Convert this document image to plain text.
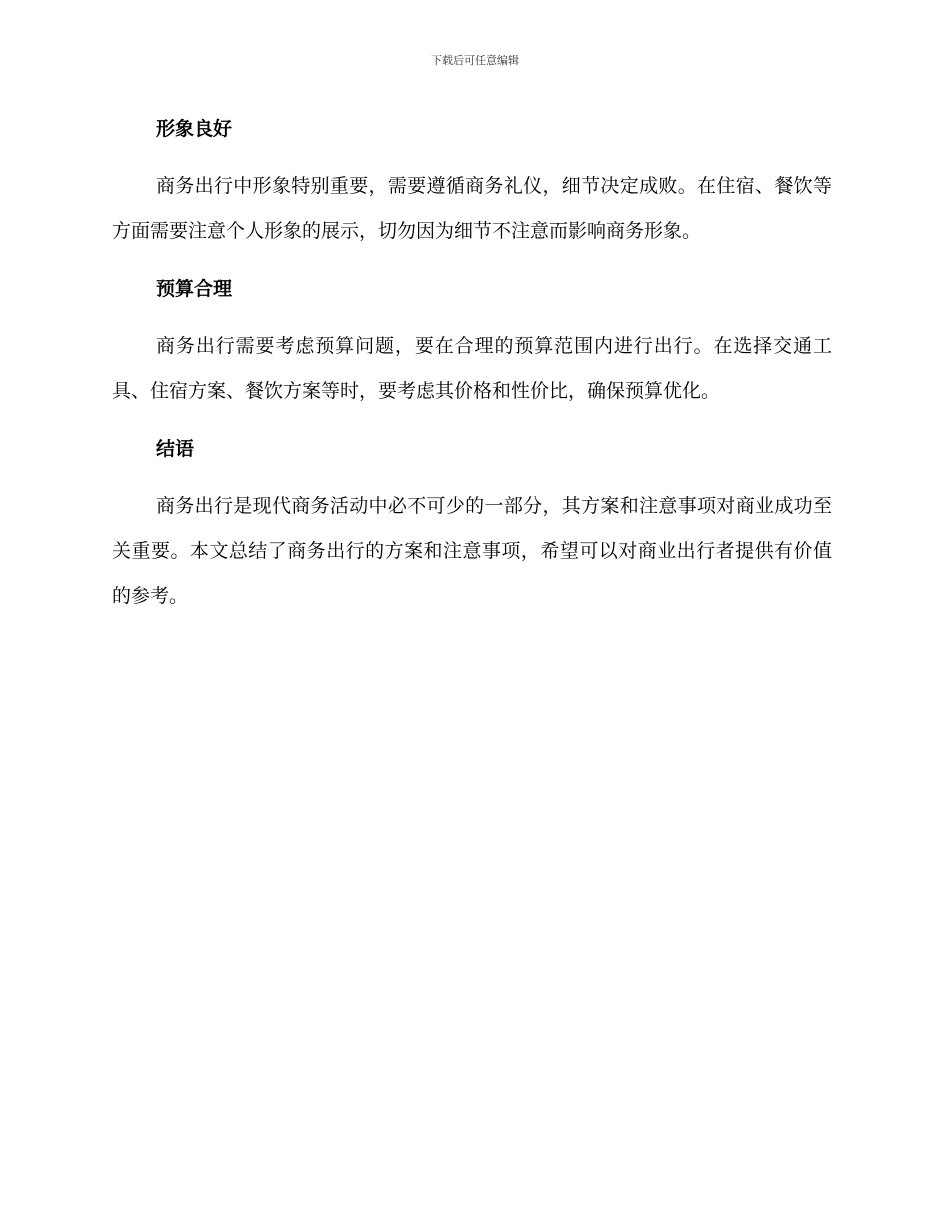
下载后可任意编辑
形象良好

商务出行中形象特别重要，需要遵循商务礼仪，细节决定成败。在住宿、餐饮等方面需要注意个人形象的展示，切勿因为细节不注意而影响商务形象。

预算合理

商务出行需要考虑预算问题，要在合理的预算范围内进行出行。在选择交通工具、住宿方案、餐饮方案等时，要考虑其价格和性价比，确保预算优化。

结语

商务出行是现代商务活动中必不可少的一部分，其方案和注意事项对商业成功至关重要。本文总结了商务出行的方案和注意事项，希望可以对商业出行者提供有价值的参考。
